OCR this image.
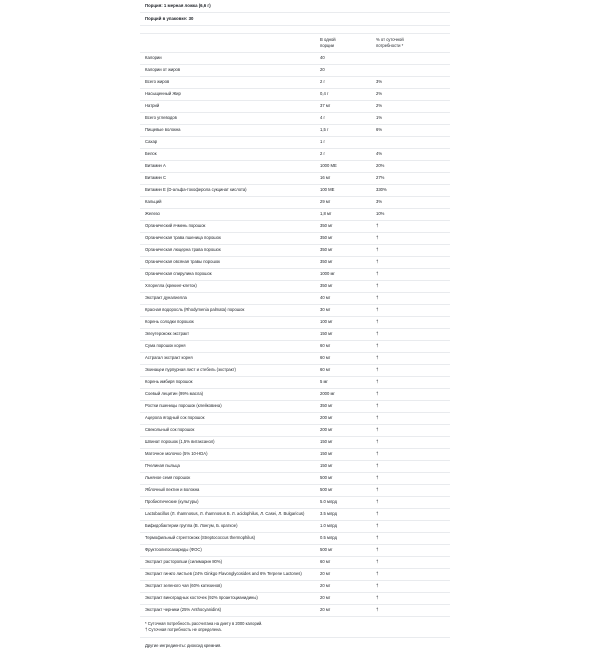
Порция: 1 мерная ложка (6,6 г)
Порций в упаковке: 30
В одной
порции
% от суточной
потребности *
Калории	40
Калории от жиров	20
Всего жиров	2 г	3%
Насыщенный Жир	0,4 г	2%
Натрий	37 мг	2%
Всего углеводов	4 г	1%
Пищевые волокна	1,5 г	6%
Сахар	1 г
Белок	2 г	4%
Витамин A	1000 МЕ	20%
Витамин C	16 мг	27%
Витамин Е (D-альфа-токоферола сукцинат кислота)	100 МЕ	330%
Кальций	29 мг	3%
Железо	1,8 мг	10%
Органический ячмень порошок	350 мг	†
Органическая трава пшеница порошок	350 мг	†
Органическая люцерна трава порошок	350 мг	†
Органическая овсяная травы порошок	350 мг	†
Органическая спирулина порошок	1000 мг	†
Хлорелла (крекинг-клеток)	350 мг	†
Экстракт дуналиелла	40 мг	†
Красная водоросль (Rhodymenia palmata) порошок	30 мг	†
Корень солодки порошок	100 мг	†
Элеутерококк экстракт	150 мг	†
Сума порошок корня	60 мг	†
Астрагал экстракт корня	60 мг	†
Эхинацеи пурпурная лист и стебель (экстракт)	60 мг	†
Корень имбиря порошок	5 мг	†
Соевый лецитин (99% масла)	2000 мг	†
Ростки пшеницы порошок (клейковина)	350 мг	†
Ацерола ягодный сок порошок	200 мг	†
Свекольный сок порошок	200 мг	†
Шпинат порошок (1,5% витаксанол)	150 мг	†
Маточное молочко (5% 10-HDA)	150 мг	†
Пчелиная пыльца	150 мг	†
Льняное семя порошок	500 мг	†
Яблочный пектин и волокна	500 мг	†
Пробиотические (культуры)	5.0 млрд	†
Lactobacillus (Л. rhamnosus, Л. rhamnosus Б. Л. acidophilus, Л. Casei, Л. Bulgaricus)	3.5 млрд	†
Бифидобактерии группа (B. Лонгум, Б. краткое)	1.0 млрд	†
Термофильный стрептококк (Streptococcus thermophilus)	0.5 млрд	†
Фруктоолигосахариды (ФОС)	500 мг	†
Экстракт расторопши (силимарин 80%)	60 мг	†
Экстракт гинкго листьев (24% Ginkgo Flavonglycosides and 6% Terpene Lactones)	20 мг	†
Экстракт зеленого чая (60% катехинов)	20 мг	†
Экстракт виноградных косточек (92% проантоцианидины)	20 мг	†
Экстракт черники (25% Anthocyanidins)	20 мг	†
* Суточная потребность рассчитана на диету в 2000 калорий.
† Суточная потребность не определена.
Другие ингредиенты: диоксид кремния.
